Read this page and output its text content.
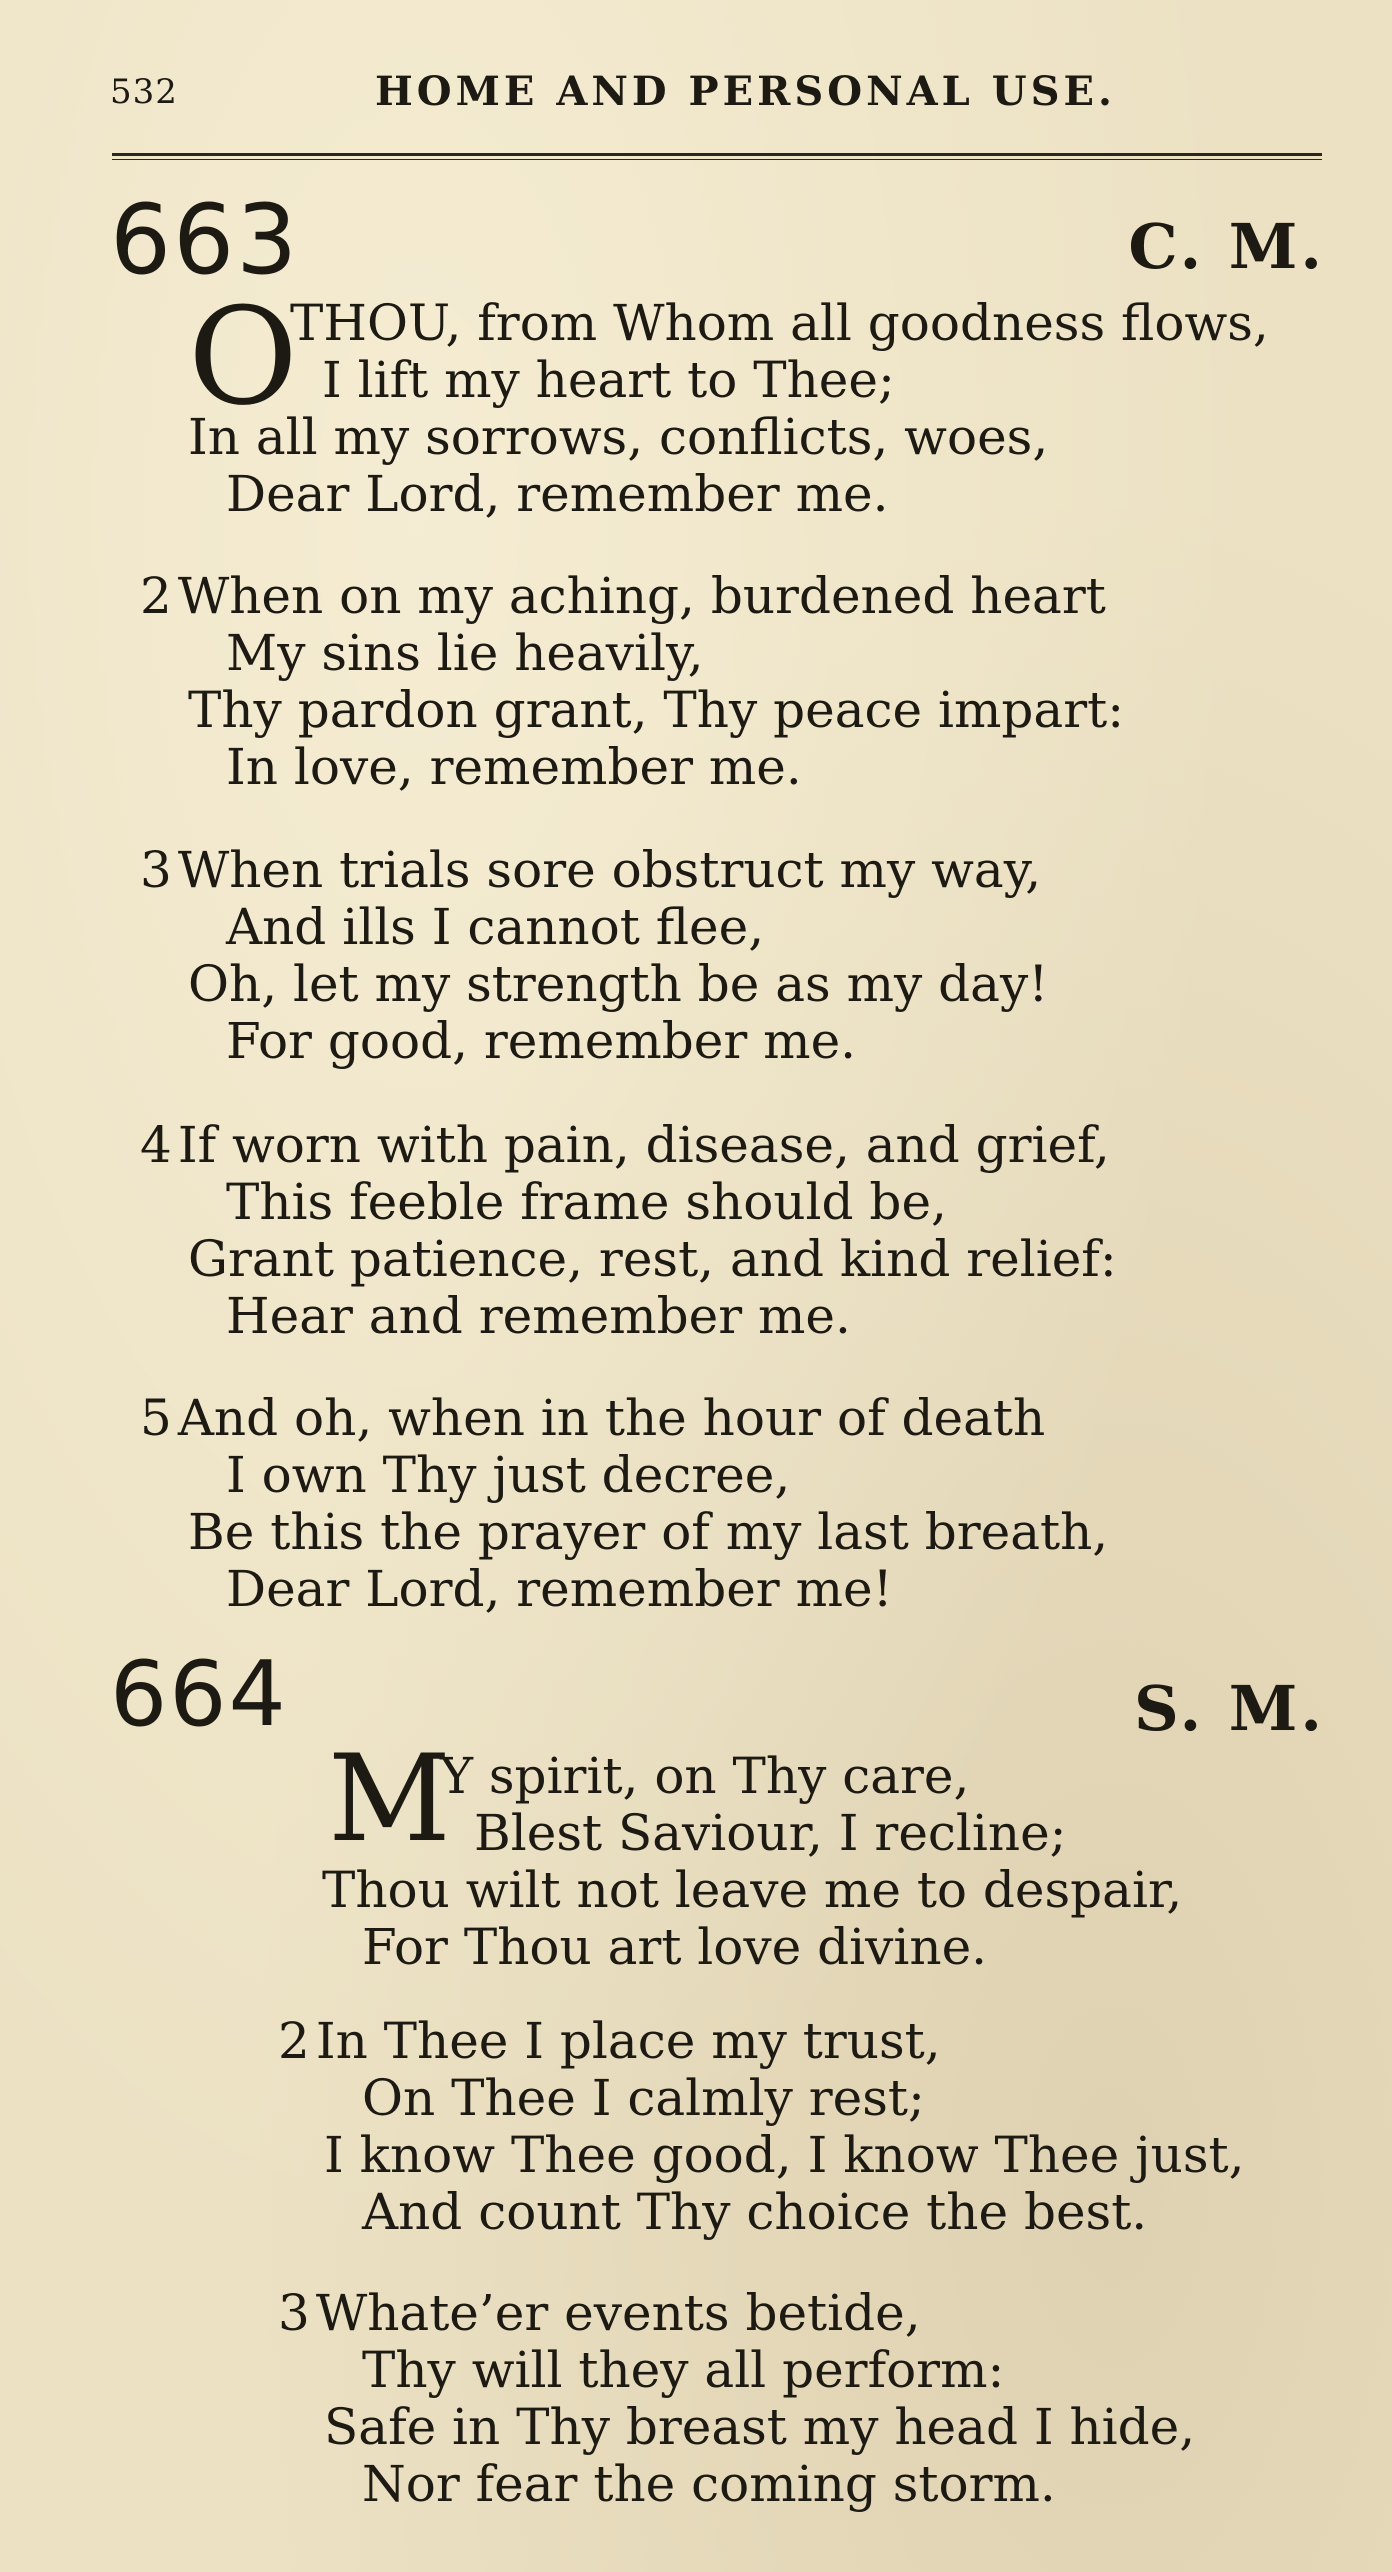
532	HOME AND PERSONAL USE.
663	C. M.
O
THOU, from Whom all goodness flows,
I lift my heart to Thee;
In all my sorrows, conflicts, woes,
Dear Lord, remember me.
2 When on my aching, burdened heart
My sins lie heavily,
Thy pardon grant, Thy peace impart:
In love, remember me.
3 When trials sore obstruct my way,
And ills I cannot flee,
Oh, let my strength be as my day!
For good, remember me.
4 If worn with pain, disease, and grief,
This feeble frame should be,
Grant patience, rest, and kind relief:
Hear and remember me.
5 And oh, when in the hour of death
I own Thy just decree,
Be this the prayer of my last breath,
Dear Lord, remember me!
664	S. M.
M
Y spirit, on Thy care,
Blest Saviour, I recline;
Thou wilt not leave me to despair,
For Thou art love divine.
2 In Thee I place my trust,
On Thee I calmly rest;
I know Thee good, I know Thee just,
And count Thy choice the best.
3 Whate’er events betide,
Thy will they all perform:
Safe in Thy breast my head I hide,
Nor fear the coming storm.
